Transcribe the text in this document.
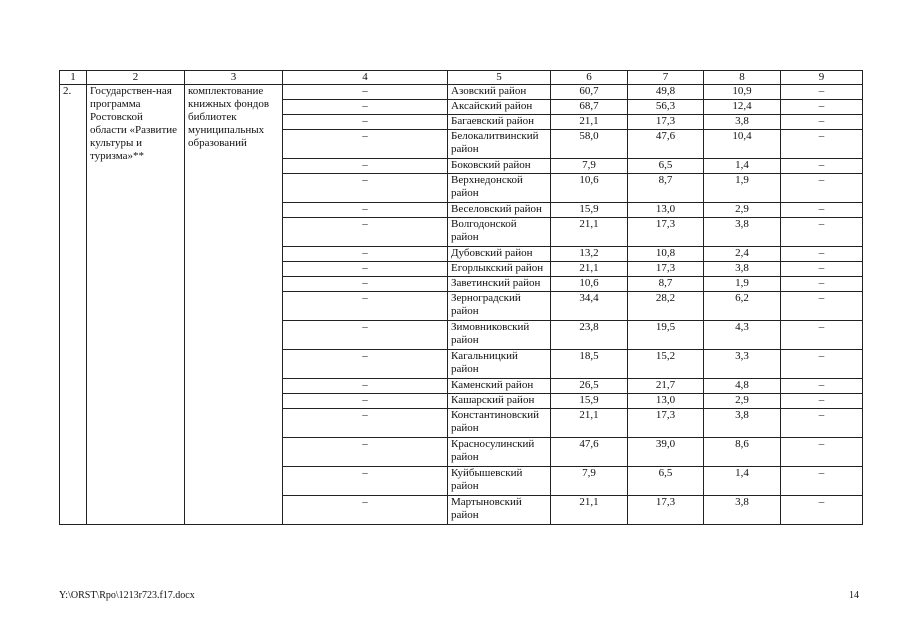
1	2	3	4	5	6	7	8	9
2.	Государствен-ная программа Ростовской области «Развитие культуры и туризма»**	комплектование книжных фондов библиотек муниципальных образований	–	Азовский район	60,7	49,8	10,9	–
			–	Аксайский район	68,7	56,3	12,4	–
			–	Багаевский район	21,1	17,3	3,8	–
			–	Белокалитвинский район	58,0	47,6	10,4	–
			–	Боковский район	7,9	6,5	1,4	–
			–	Верхнедонской район	10,6	8,7	1,9	–
			–	Веселовский район	15,9	13,0	2,9	–
			–	Волгодонской район	21,1	17,3	3,8	–
			–	Дубовский район	13,2	10,8	2,4	–
			–	Егорлыкский район	21,1	17,3	3,8	–
			–	Заветинский район	10,6	8,7	1,9	–
			–	Зерноградский район	34,4	28,2	6,2	–
			–	Зимовниковский район	23,8	19,5	4,3	–
			–	Кагальницкий район	18,5	15,2	3,3	–
			–	Каменский район	26,5	21,7	4,8	–
			–	Кашарский район	15,9	13,0	2,9	–
			–	Константиновский район	21,1	17,3	3,8	–
			–	Красносулинский район	47,6	39,0	8,6	–
			–	Куйбышевский район	7,9	6,5	1,4	–
			–	Мартыновский район	21,1	17,3	3,8	–
Y:\ORST\Rpo\1213r723.f17.docx	14
